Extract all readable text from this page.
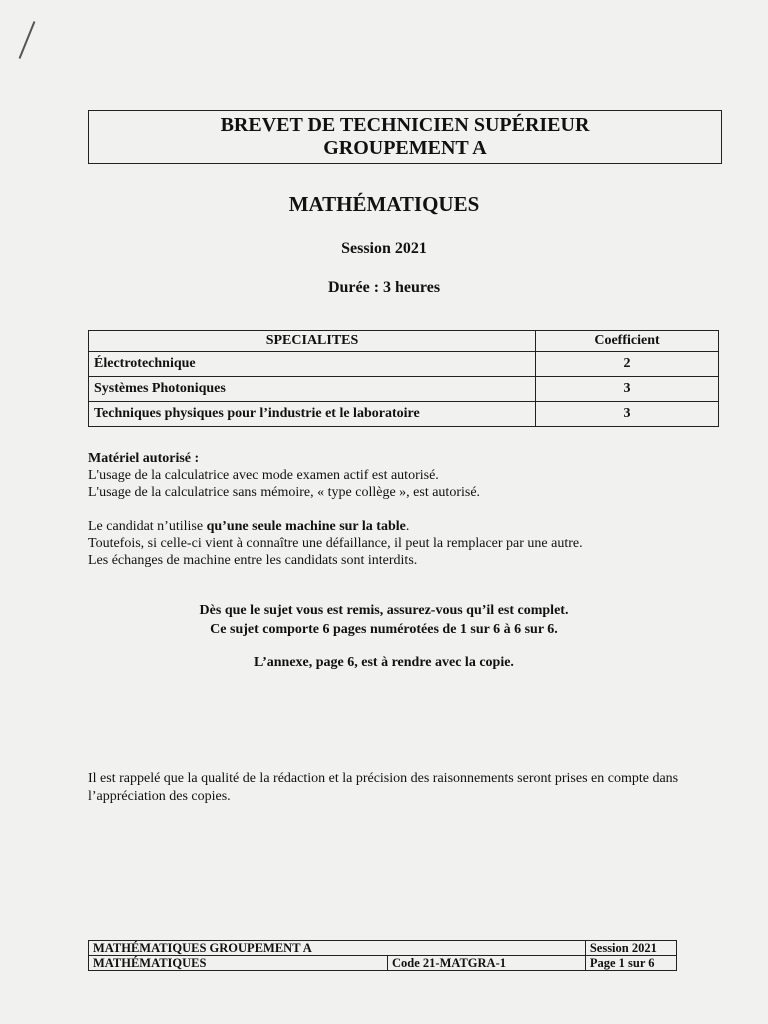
BREVET DE TECHNICIEN SUPÉRIEUR
GROUPEMENT A
MATHÉMATIQUES
Session 2021
Durée : 3 heures
SPECIALITES	Coefficient
Électrotechnique	2
Systèmes Photoniques	3
Techniques physiques pour l’industrie et le laboratoire	3
Matériel autorisé :
L'usage de la calculatrice avec mode examen actif est autorisé.
L'usage de la calculatrice sans mémoire, « type collège », est autorisé.
Le candidat n’utilise qu’une seule machine sur la table.
Toutefois, si celle-ci vient à connaître une défaillance, il peut la remplacer par une autre.
Les échanges de machine entre les candidats sont interdits.
Dès que le sujet vous est remis, assurez-vous qu’il est complet.
Ce sujet comporte 6 pages numérotées de 1 sur 6 à 6 sur 6.
L’annexe, page 6, est à rendre avec la copie.
Il est rappelé que la qualité de la rédaction et la précision des raisonnements seront prises en compte dans l’appréciation des copies.
MATHÉMATIQUES GROUPEMENT A		Session 2021
MATHÉMATIQUES	Code 21-MATGRA-1	Page 1 sur 6
